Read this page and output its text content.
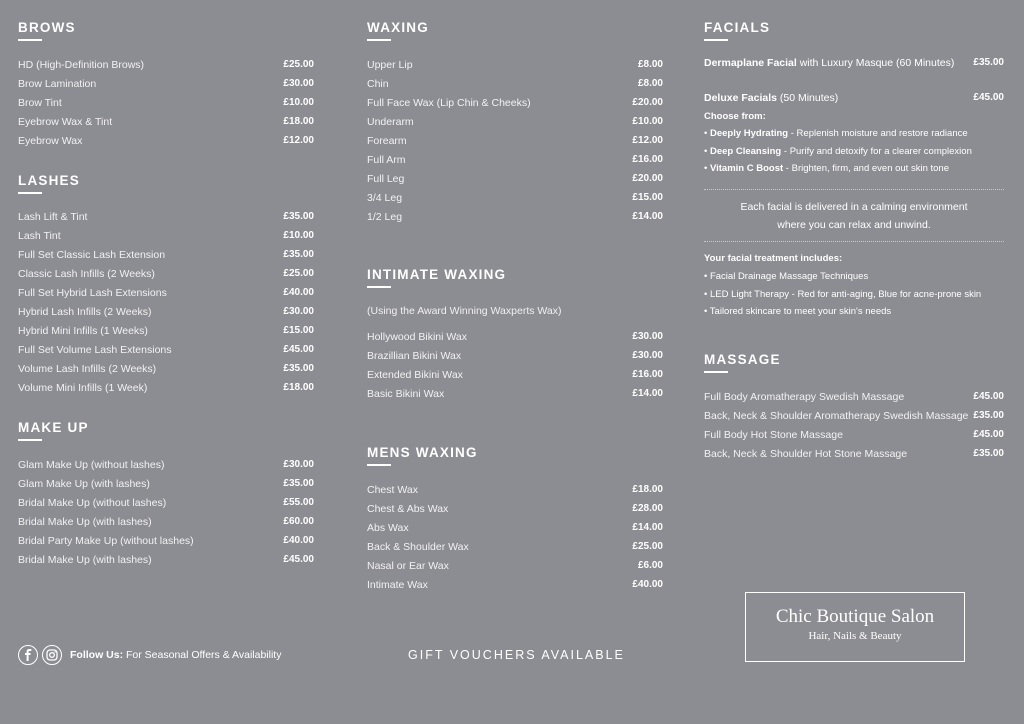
BROWS
HD (High-Definition Brows)	£25.00
Brow Lamination	£30.00
Brow Tint	£10.00
Eyebrow Wax & Tint	£18.00
Eyebrow Wax	£12.00
LASHES
Lash Lift & Tint	£35.00
Lash Tint	£10.00
Full Set Classic Lash Extension	£35.00
Classic Lash Infills (2 Weeks)	£25.00
Full Set Hybrid Lash Extensions	£40.00
Hybrid Lash Infills (2 Weeks)	£30.00
Hybrid Mini Infills (1 Weeks)	£15.00
Full Set Volume Lash Extensions	£45.00
Volume Lash Infills (2 Weeks)	£35.00
Volume Mini Infills (1 Week)	£18.00
MAKE UP
Glam Make Up (without lashes)	£30.00
Glam Make Up (with lashes)	£35.00
Bridal Make Up (without lashes)	£55.00
Bridal Make Up (with lashes)	£60.00
Bridal Party Make Up (without lashes)	£40.00
Bridal Make Up (with lashes)	£45.00
WAXING
Upper Lip	£8.00
Chin	£8.00
Full Face Wax (Lip Chin & Cheeks)	£20.00
Underarm	£10.00
Forearm	£12.00
Full Arm	£16.00
Full Leg	£20.00
3/4 Leg	£15.00
1/2 Leg	£14.00
INTIMATE WAXING
(Using the Award Winning Waxperts Wax)
Hollywood Bikini Wax	£30.00
Brazillian Bikini Wax	£30.00
Extended Bikini Wax	£16.00
Basic Bikini Wax	£14.00
MENS WAXING
Chest Wax	£18.00
Chest & Abs Wax	£28.00
Abs Wax	£14.00
Back & Shoulder Wax	£25.00
Nasal or Ear Wax	£6.00
Intimate Wax	£40.00
FACIALS
Dermaplane Facial with Luxury Masque (60 Minutes) £35.00
Deluxe Facials (50 Minutes)	£45.00
Choose from:
• Deeply Hydrating - Replenish moisture and restore radiance
• Deep Cleansing - Purify and detoxify for a clearer complexion
• Vitamin C Boost - Brighten, firm, and even out skin tone
Each facial is delivered in a calming environment
where you can relax and unwind.
Your facial treatment includes:
• Facial Drainage Massage Techniques
• LED Light Therapy - Red for anti-aging, Blue for acne-prone skin
• Tailored skincare to meet your skin's needs
MASSAGE
Full Body Aromatherapy Swedish Massage	£45.00
Back, Neck & Shoulder Aromatherapy Swedish Massage £35.00
Full Body Hot Stone Massage	£45.00
Back, Neck & Shoulder Hot Stone Massage	£35.00
Follow Us: For Seasonal Offers & Availability	GIFT VOUCHERS AVAILABLE
Chic Boutique Salon
Hair, Nails & Beauty
